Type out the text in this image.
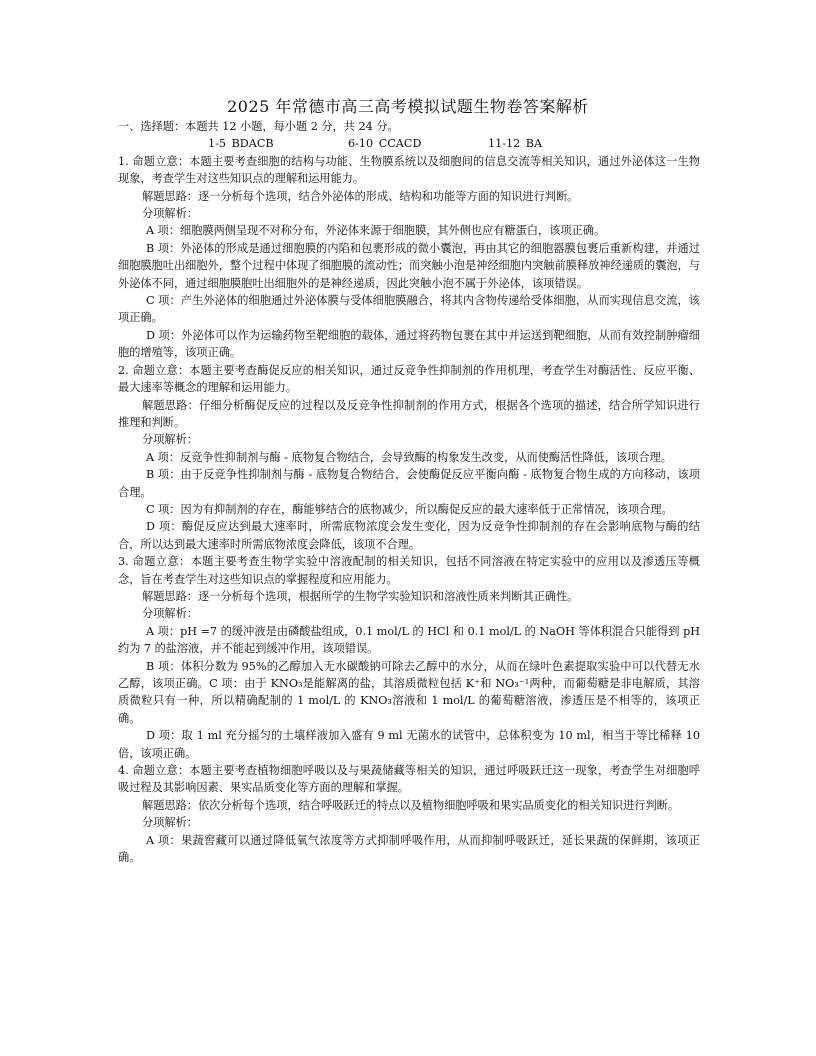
2025 年常德市高三高考模拟试题生物卷答案解析

一、选择题：本题共 12 小题，每小题 2 分，共 24 分。

1-5 BDACB	6-10 CCACD	11-12 BA

1. 命题立意：本题主要考查细胞的结构与功能、生物膜系统以及细胞间的信息交流等相关知识，通过外泌体这一生物现象，考查学生对这些知识点的理解和运用能力。

解题思路：逐一分析每个选项，结合外泌体的形成、结构和功能等方面的知识进行判断。

分项解析：

A 项：细胞膜两侧呈现不对称分布，外泌体来源于细胞膜，其外侧也应有糖蛋白，该项正确。

B 项：外泌体的形成是通过细胞膜的内陷和包裹形成的微小囊泡，再由其它的细胞器膜包裹后重新构建，并通过细胞膜胞吐出细胞外，整个过程中体现了细胞膜的流动性；而突触小泡是神经细胞内突触前膜释放神经递质的囊泡，与外泌体不同，通过细胞膜胞吐出细胞外的是神经递质，因此突触小泡不属于外泌体，该项错误。

C 项：产生外泌体的细胞通过外泌体膜与受体细胞膜融合，将其内含物传递给受体细胞，从而实现信息交流，该项正确。

D 项：外泌体可以作为运输药物至靶细胞的载体，通过将药物包裹在其中并运送到靶细胞，从而有效控制肿瘤细胞的增殖等，该项正确。

2. 命题立意：本题主要考查酶促反应的相关知识，通过反竞争性抑制剂的作用机理，考查学生对酶活性、反应平衡、最大速率等概念的理解和运用能力。

解题思路：仔细分析酶促反应的过程以及反竞争性抑制剂的作用方式，根据各个选项的描述，结合所学知识进行推理和判断。

分项解析：

A 项：反竞争性抑制剂与酶 - 底物复合物结合，会导致酶的构象发生改变，从而使酶活性降低，该项合理。

B 项：由于反竞争性抑制剂与酶 - 底物复合物结合，会使酶促反应平衡向酶 - 底物复合物生成的方向移动，该项合理。

C 项：因为有抑制剂的存在，酶能够结合的底物减少，所以酶促反应的最大速率低于正常情况，该项合理。

D 项：酶促反应达到最大速率时，所需底物浓度会发生变化，因为反竞争性抑制剂的存在会影响底物与酶的结合，所以达到最大速率时所需底物浓度会降低，该项不合理。

3. 命题立意：本题主要考查生物学实验中溶液配制的相关知识，包括不同溶液在特定实验中的应用以及渗透压等概念，旨在考查学生对这些知识点的掌握程度和应用能力。

解题思路：逐一分析每个选项，根据所学的生物学实验知识和溶液性质来判断其正确性。

分项解析：

A 项：pH =7 的缓冲液是由磷酸盐组成，0.1 mol/L 的 HCl 和 0.1 mol/L 的 NaOH 等体积混合只能得到 pH 约为 7 的盐溶液，并不能起到缓冲作用，该项错误。

B 项：体积分数为 95%的乙醇加入无水碳酸钠可除去乙醇中的水分，从而在绿叶色素提取实验中可以代替无水乙醇，该项正确。C 项：由于 KNO₃是能解离的盐，其溶质微粒包括 K⁺和 NO₃⁻¹两种，而葡萄糖是非电解质，其溶质微粒只有一种，所以精确配制的 1 mol/L 的 KNO₃溶液和 1 mol/L 的葡萄糖溶液，渗透压是不相等的，该项正确。

D 项：取 1 ml 充分摇匀的土壤样液加入盛有 9 ml 无菌水的试管中，总体积变为 10 ml，相当于等比稀释 10 倍，该项正确。

4. 命题立意：本题主要考查植物细胞呼吸以及与果蔬储藏等相关的知识，通过呼吸跃迁这一现象，考查学生对细胞呼吸过程及其影响因素、果实品质变化等方面的理解和掌握。

解题思路：依次分析每个选项，结合呼吸跃迁的特点以及植物细胞呼吸和果实品质变化的相关知识进行判断。

分项解析：

A 项：果蔬窖藏可以通过降低氧气浓度等方式抑制呼吸作用，从而抑制呼吸跃迁，延长果蔬的保鲜期，该项正确。
